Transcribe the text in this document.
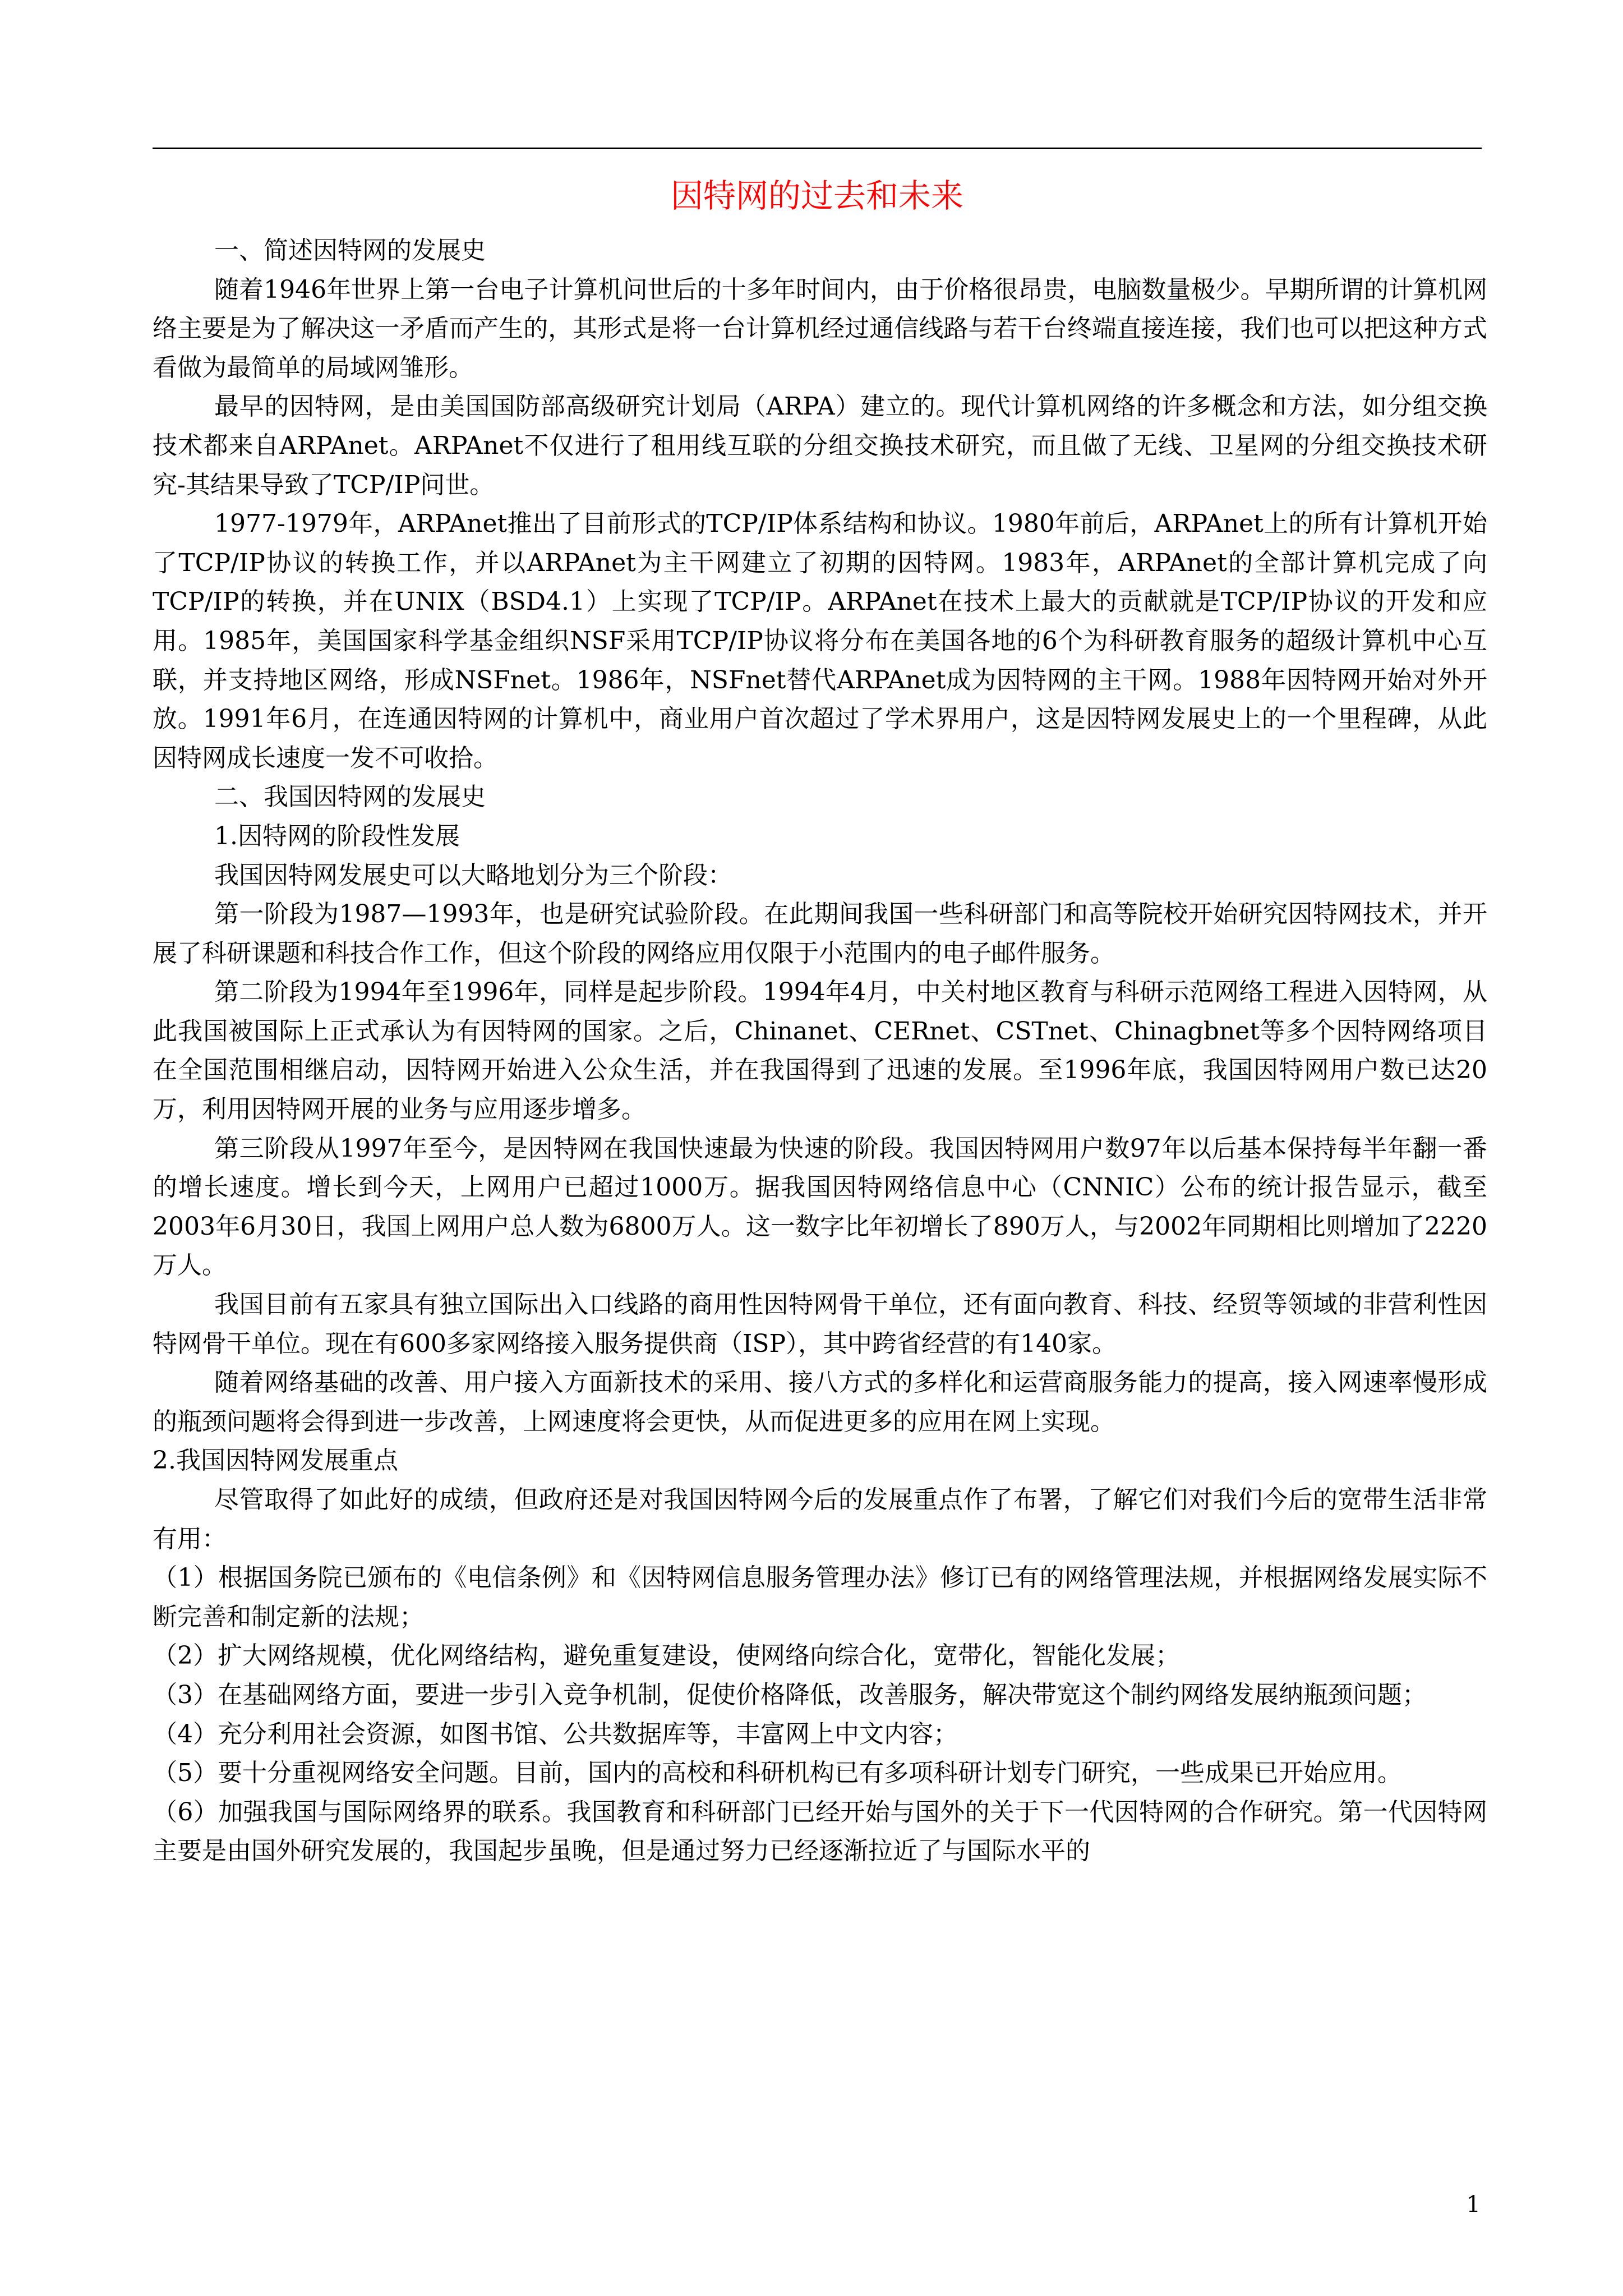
因特网的过去和未来

一、简述因特网的发展史

随着1946年世界上第一台电子计算机问世后的十多年时间内，由于价格很昂贵，电脑数量极少。早期所谓的计算机网络主要是为了解决这一矛盾而产生的，其形式是将一台计算机经过通信线路与若干台终端直接连接，我们也可以把这种方式看做为最简单的局域网雏形。

最早的因特网，是由美国国防部高级研究计划局（ARPA）建立的。现代计算机网络的许多概念和方法，如分组交换技术都来自ARPAnet。ARPAnet不仅进行了租用线互联的分组交换技术研究，而且做了无线、卫星网的分组交换技术研究-其结果导致了TCP/IP问世。

1977-1979年，ARPAnet推出了目前形式的TCP/IP体系结构和协议。1980年前后，ARPAnet上的所有计算机开始了TCP/IP协议的转换工作，并以ARPAnet为主干网建立了初期的因特网。1983年，ARPAnet的全部计算机完成了向TCP/IP的转换，并在UNIX（BSD4.1）上实现了TCP/IP。ARPAnet在技术上最大的贡献就是TCP/IP协议的开发和应用。1985年，美国国家科学基金组织NSF采用TCP/IP协议将分布在美国各地的6个为科研教育服务的超级计算机中心互联，并支持地区网络，形成NSFnet。1986年，NSFnet替代ARPAnet成为因特网的主干网。1988年因特网开始对外开放。1991年6月，在连通因特网的计算机中，商业用户首次超过了学术界用户，这是因特网发展史上的一个里程碑，从此因特网成长速度一发不可收拾。

二、我国因特网的发展史

1.因特网的阶段性发展

我国因特网发展史可以大略地划分为三个阶段：

第一阶段为1987—1993年，也是研究试验阶段。在此期间我国一些科研部门和高等院校开始研究因特网技术，并开展了科研课题和科技合作工作，但这个阶段的网络应用仅限于小范围内的电子邮件服务。

第二阶段为1994年至1996年，同样是起步阶段。1994年4月，中关村地区教育与科研示范网络工程进入因特网，从此我国被国际上正式承认为有因特网的国家。之后，Chinanet、CERnet、CSTnet、Chinagbnet等多个因特网络项目在全国范围相继启动，因特网开始进入公众生活，并在我国得到了迅速的发展。至1996年底，我国因特网用户数已达20万，利用因特网开展的业务与应用逐步增多。

第三阶段从1997年至今，是因特网在我国快速最为快速的阶段。我国因特网用户数97年以后基本保持每半年翻一番的增长速度。增长到今天，上网用户已超过1000万。据我国因特网络信息中心（CNNIC）公布的统计报告显示，截至2003年6月30日，我国上网用户总人数为6800万人。这一数字比年初增长了890万人，与2002年同期相比则增加了2220万人。

我国目前有五家具有独立国际出入口线路的商用性因特网骨干单位，还有面向教育、科技、经贸等领域的非营利性因特网骨干单位。现在有600多家网络接入服务提供商（ISP），其中跨省经营的有140家。

随着网络基础的改善、用户接入方面新技术的采用、接八方式的多样化和运营商服务能力的提高，接入网速率慢形成的瓶颈问题将会得到进一步改善，上网速度将会更快，从而促进更多的应用在网上实现。

2.我国因特网发展重点

尽管取得了如此好的成绩，但政府还是对我国因特网今后的发展重点作了布署，了解它们对我们今后的宽带生活非常有用：

（1）根据国务院已颁布的《电信条例》和《因特网信息服务管理办法》修订已有的网络管理法规，并根据网络发展实际不断完善和制定新的法规；

（2）扩大网络规模，优化网络结构，避免重复建设，使网络向综合化，宽带化，智能化发展；

（3）在基础网络方面，要进一步引入竞争机制，促使价格降低，改善服务，解决带宽这个制约网络发展纳瓶颈问题；

（4）充分利用社会资源，如图书馆、公共数据库等，丰富网上中文内容；

（5）要十分重视网络安全问题。目前，国内的高校和科研机构已有多项科研计划专门研究，一些成果已开始应用。

（6）加强我国与国际网络界的联系。我国教育和科研部门已经开始与国外的关于下一代因特网的合作研究。第一代因特网主要是由国外研究发展的，我国起步虽晚，但是通过努力已经逐渐拉近了与国际水平的

1
